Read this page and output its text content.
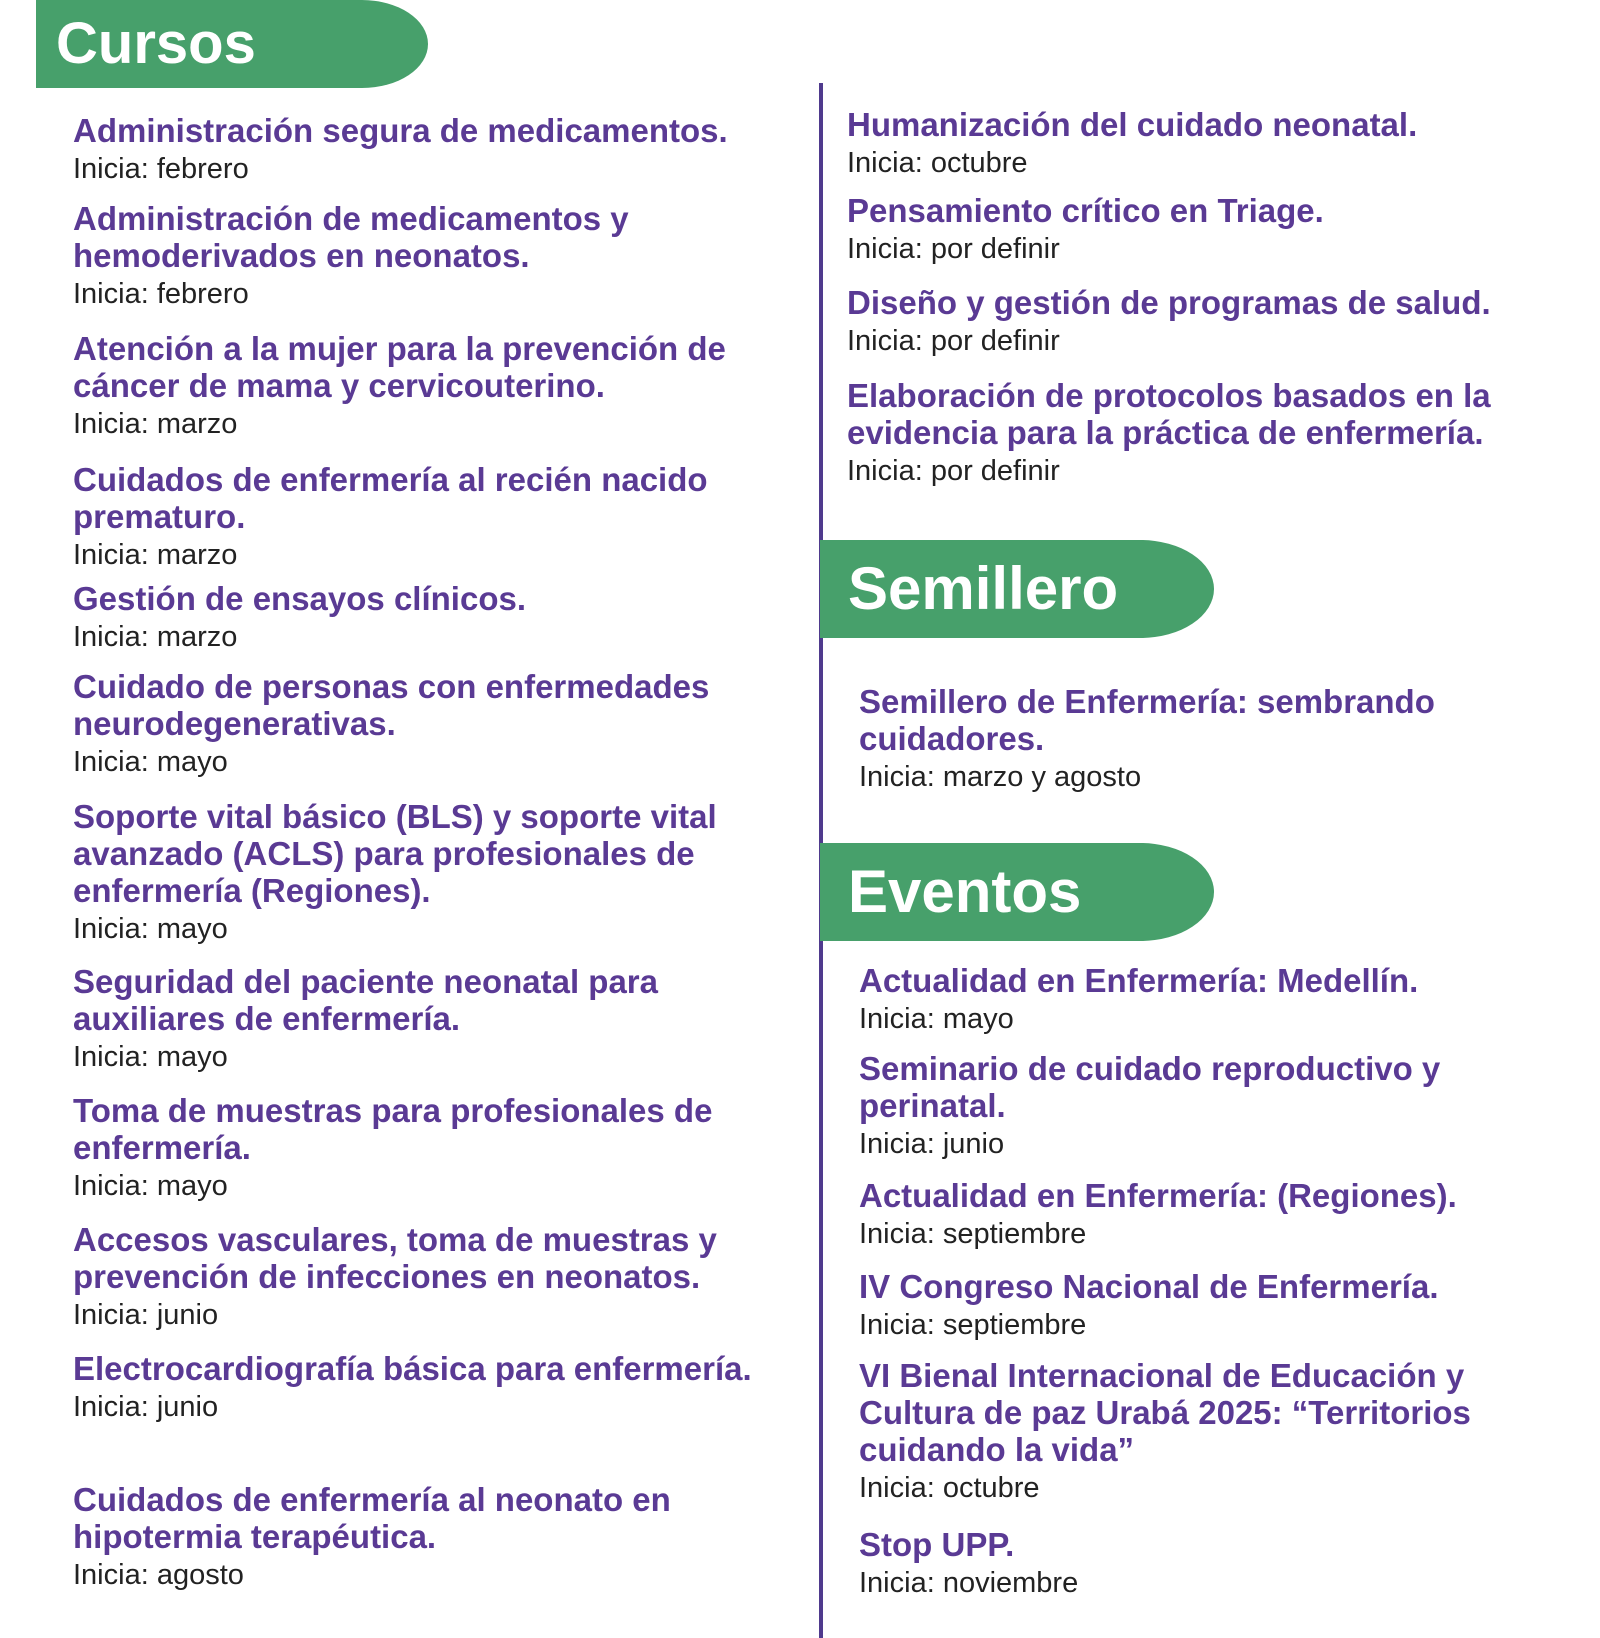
Cursos
Administración segura de medicamentos.
Inicia: febrero
Administración de medicamentos y hemoderivados en neonatos.
Inicia: febrero
Atención a la mujer para la prevención de cáncer de mama y cervicouterino.
Inicia: marzo
Cuidados de enfermería al recién nacido prematuro.
Inicia: marzo
Gestión de ensayos clínicos.
Inicia: marzo
Cuidado de personas con enfermedades neurodegenerativas.
Inicia: mayo
Soporte vital básico (BLS) y soporte vital avanzado (ACLS) para profesionales de enfermería (Regiones).
Inicia: mayo
Seguridad del paciente neonatal para auxiliares de enfermería.
Inicia: mayo
Toma de muestras para profesionales de enfermería.
Inicia: mayo
Accesos vasculares, toma de muestras y prevención de infecciones en neonatos.
Inicia: junio
Electrocardiografía básica para enfermería.
Inicia: junio
Cuidados de enfermería al neonato en hipotermia terapéutica.
Inicia: agosto
Humanización del cuidado neonatal.
Inicia: octubre
Pensamiento crítico en Triage.
Inicia: por definir
Diseño y gestión de programas de salud.
Inicia: por definir
Elaboración de protocolos basados en la evidencia para la práctica de enfermería.
Inicia: por definir
Semillero
Semillero de Enfermería: sembrando cuidadores.
Inicia: marzo y agosto
Eventos
Actualidad en Enfermería: Medellín.
Inicia: mayo
Seminario de cuidado reproductivo y perinatal.
Inicia: junio
Actualidad en Enfermería: (Regiones).
Inicia: septiembre
IV Congreso Nacional de Enfermería.
Inicia: septiembre
VI Bienal Internacional de Educación y Cultura de paz Urabá 2025: “Territorios cuidando la vida”
Inicia: octubre
Stop UPP.
Inicia: noviembre
